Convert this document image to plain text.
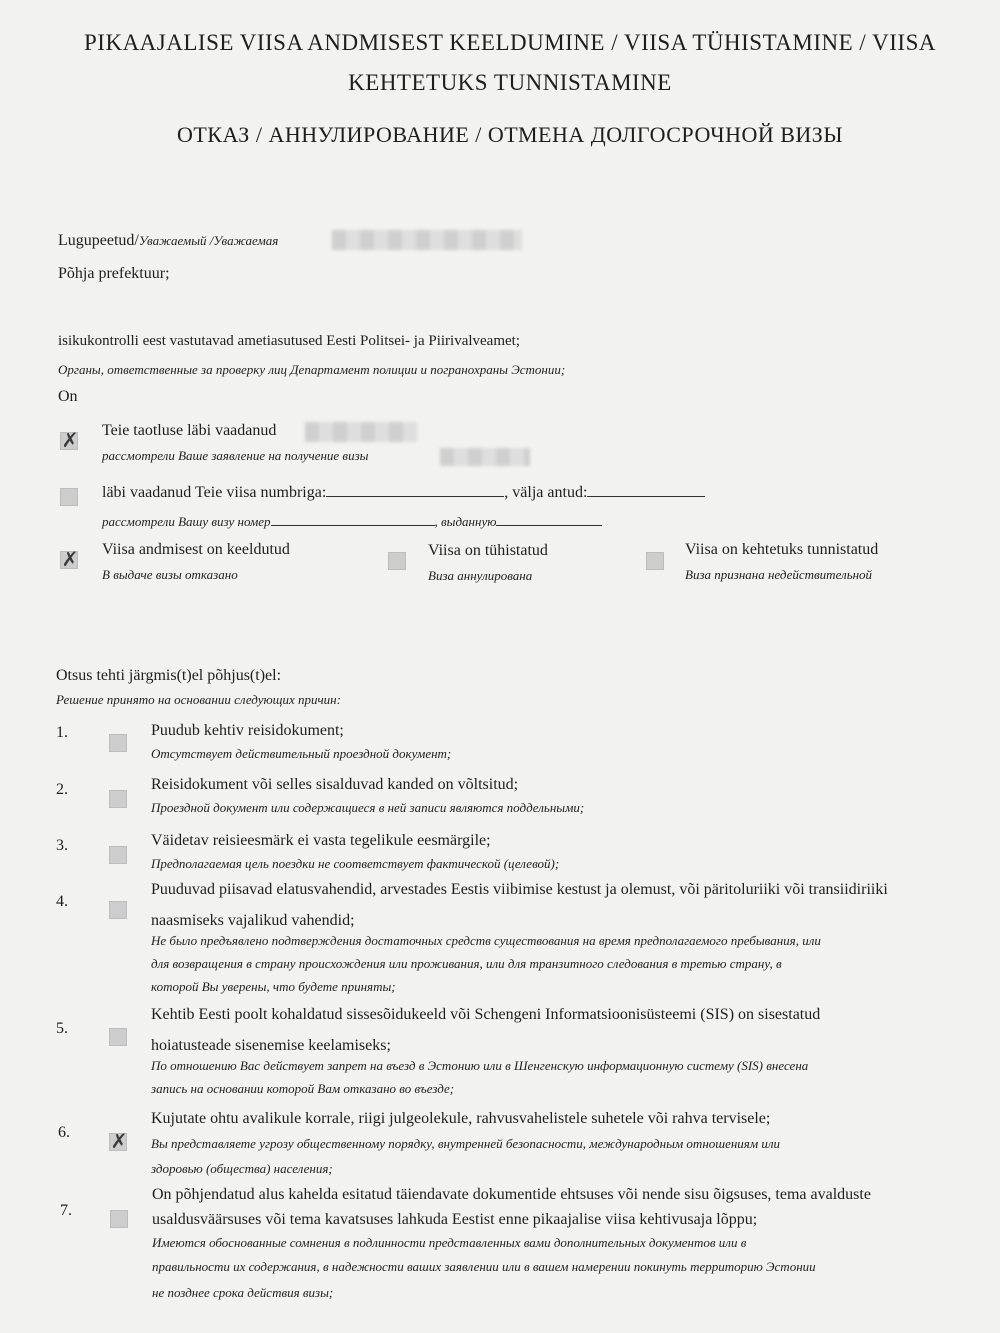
PIKAAJALISE VIISA ANDMISEST KEELDUMINE / VIISA TÜHISTAMINE / VIISA
KEHTETUKS TUNNISTAMINE
ОТКАЗ / АННУЛИРОВАНИЕ / ОТМЕНА ДОЛГОСРОЧНОЙ ВИЗЫ
Lugupeetud/Уважаемый /Уважаемая
Põhja prefektuur;
isikukontrolli eest vastutavad ametiasutused Eesti Politsei- ja Piirivalveamet;
Органы, ответственные за проверку лиц Департамент полиции и погранохраны Эстонии;
On
✗ Teie taotluse läbi vaadanud
рассмотрели Ваше заявление на получение визы
läbi vaadanud Teie viisa numbriga:	, välja antud:
рассмотрели Вашу визу номер	, выданную
✗ Viisa andmisest on keeldutud
В выдаче визы отказано
Viisa on tühistatud
Виза аннулирована
Viisa on kehtetuks tunnistatud
Виза признана недействительной
Otsus tehti järgmis(t)el põhjus(t)el:
Решение принято на основании следующих причин:
1.	Puudub kehtiv reisidokument;
Отсутствует действительный проездной документ;
2.	Reisidokument või selles sisalduvad kanded on võltsitud;
Проездной документ или содержащиеся в ней записи являются поддельными;
3.	Väidetav reisieesmärk ei vasta tegelikule eesmärgile;
Предполагаемая цель поездки не соответствует фактической (целевой);
4.
Puuduvad piisavad elatusvahendid, arvestades Eestis viibimise kestust ja olemust, või päritoluriiki või transiidiriiki
naasmiseks vajalikud vahendid;
Не было предъявлено подтверждения достаточных средств существования на время предполагаемого пребывания, или
для возвращения в страну происхождения или проживания, или для транзитного следования в третью страну, в
которой Вы уверены, что будете приняты;
5.
Kehtib Eesti poolt kohaldatud sissesõidukeeld või Schengeni Informatsioonisüsteemi (SIS) on sisestatud
hoiatusteade sisenemise keelamiseks;
По отношению Вас действует запрет на въезд в Эстонию или в Шенгенскую информационную систему (SIS) внесена
запись на основании которой Вам отказано во въезде;
6. ✗
Kujutate ohtu avalikule korrale, riigi julgeolekule, rahvusvahelistele suhetele või rahva tervisele;
Вы представляете угрозу общественному порядку, внутренней безопасности, международным отношениям или
здоровью (общества) населения;
7.
On põhjendatud alus kahelda esitatud täiendavate dokumentide ehtsuses või nende sisu õigsuses, tema avalduste
usaldusväärsuses või tema kavatsuses lahkuda Eestist enne pikaajalise viisa kehtivusaja lõppu;
Имеются обоснованные сомнения в подлинности представленных вами дополнительных документов или в
правильности их содержания, в надежности ваших заявлении или в вашем намерении покинуть территорию Эстонии
не позднее срока действия визы;
